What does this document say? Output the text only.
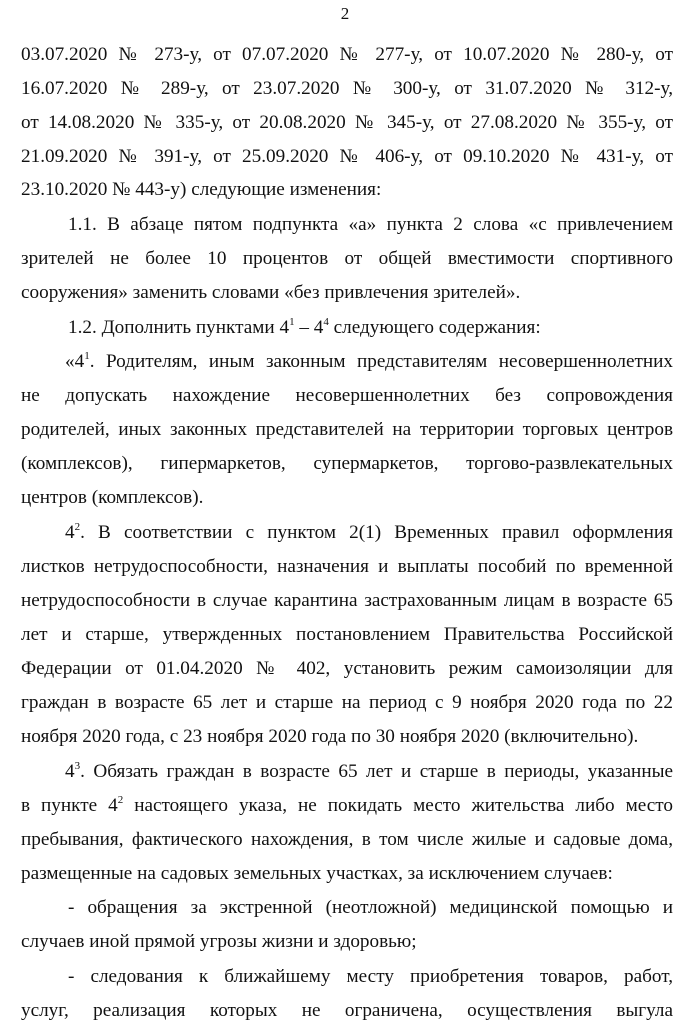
2
03.07.2020 № 273-у, от 07.07.2020 № 277-у, от 10.07.2020 № 280-у, от
16.07.2020 № 289-у, от 23.07.2020 № 300-у, от 31.07.2020 № 312-у,
от 14.08.2020 № 335-у, от 20.08.2020 № 345-у, от 27.08.2020 № 355-у, от
21.09.2020 № 391-у, от 25.09.2020 № 406-у, от 09.10.2020 № 431-у, от
23.10.2020 № 443-у) следующие изменения:
1.1. В абзаце пятом подпункта «а» пункта 2 слова «с привлечением
зрителей не более 10 процентов от общей вместимости спортивного
сооружения» заменить словами «без привлечения зрителей».
1.2. Дополнить пунктами $4^1 - 4^4$ следующего содержания:
«$4^1$. Родителям, иным законным представителям несовершеннолетних
не допускать нахождение несовершеннолетних без сопровождения
родителей, иных законных представителей на территории торговых центров
(комплексов), гипермаркетов, супермаркетов, торгово-развлекательных
центров (комплексов).
$4^2$. В соответствии с пунктом 2(1) Временных правил оформления
листков нетрудоспособности, назначения и выплаты пособий по временной
нетрудоспособности в случае карантина застрахованным лицам в возрасте 65
лет и старше, утвержденных постановлением Правительства Российской
Федерации от 01.04.2020 № 402, установить режим самоизоляции для
граждан в возрасте 65 лет и старше на период с 9 ноября 2020 года по 22
ноября 2020 года, с 23 ноября 2020 года по 30 ноября 2020 (включительно).
$4^3$. Обязать граждан в возрасте 65 лет и старше в периоды, указанные
в пункте $4^2$ настоящего указа, не покидать место жительства либо место
пребывания, фактического нахождения, в том числе жилые и садовые дома,
размещенные на садовых земельных участках, за исключением случаев:
- обращения за экстренной (неотложной) медицинской помощью и
случаев иной прямой угрозы жизни и здоровью;
- следования к ближайшему месту приобретения товаров, работ,
услуг, реализация которых не ограничена, осуществления выгула
